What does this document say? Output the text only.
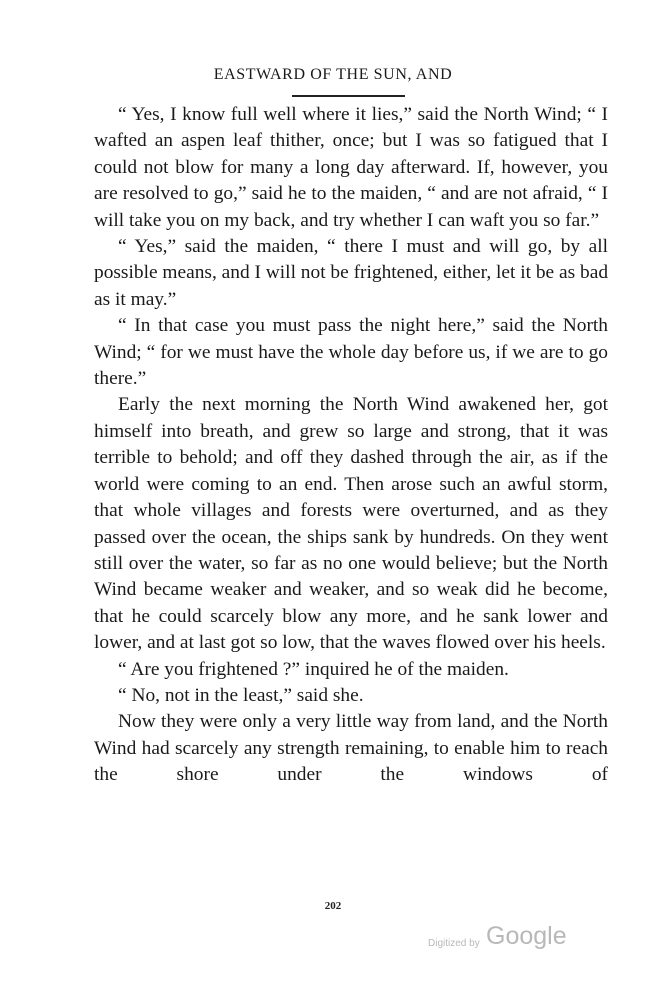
EASTWARD OF THE SUN, AND

“ Yes, I know full well where it lies,” said the North Wind; “ I wafted an aspen leaf thither, once; but I was so fatigued that I could not blow for many a long day afterward. If, however, you are resolved to go,” said he to the maiden, “ and are not afraid, “ I will take you on my back, and try whether I can waft you so far.”

“ Yes,” said the maiden, “ there I must and will go, by all possible means, and I will not be frightened, either, let it be as bad as it may.”

“ In that case you must pass the night here,” said the North Wind; “ for we must have the whole day before us, if we are to go there.”

Early the next morning the North Wind awakened her, got himself into breath, and grew so large and strong, that it was terrible to behold; and off they dashed through the air, as if the world were coming to an end. Then arose such an awful storm, that whole villages and forests were overturned, and as they passed over the ocean, the ships sank by hundreds. On they went still over the water, so far as no one would believe; but the North Wind became weaker and weaker, and so weak did he become, that he could scarcely blow any more, and he sank lower and lower, and at last got so low, that the waves flowed over his heels.

“ Are you frightened ?” inquired he of the maiden.

“ No, not in the least,” said she.

Now they were only a very little way from land, and the North Wind had scarcely any strength remaining, to enable him to reach the shore under the windows of

202
Digitized by Google
